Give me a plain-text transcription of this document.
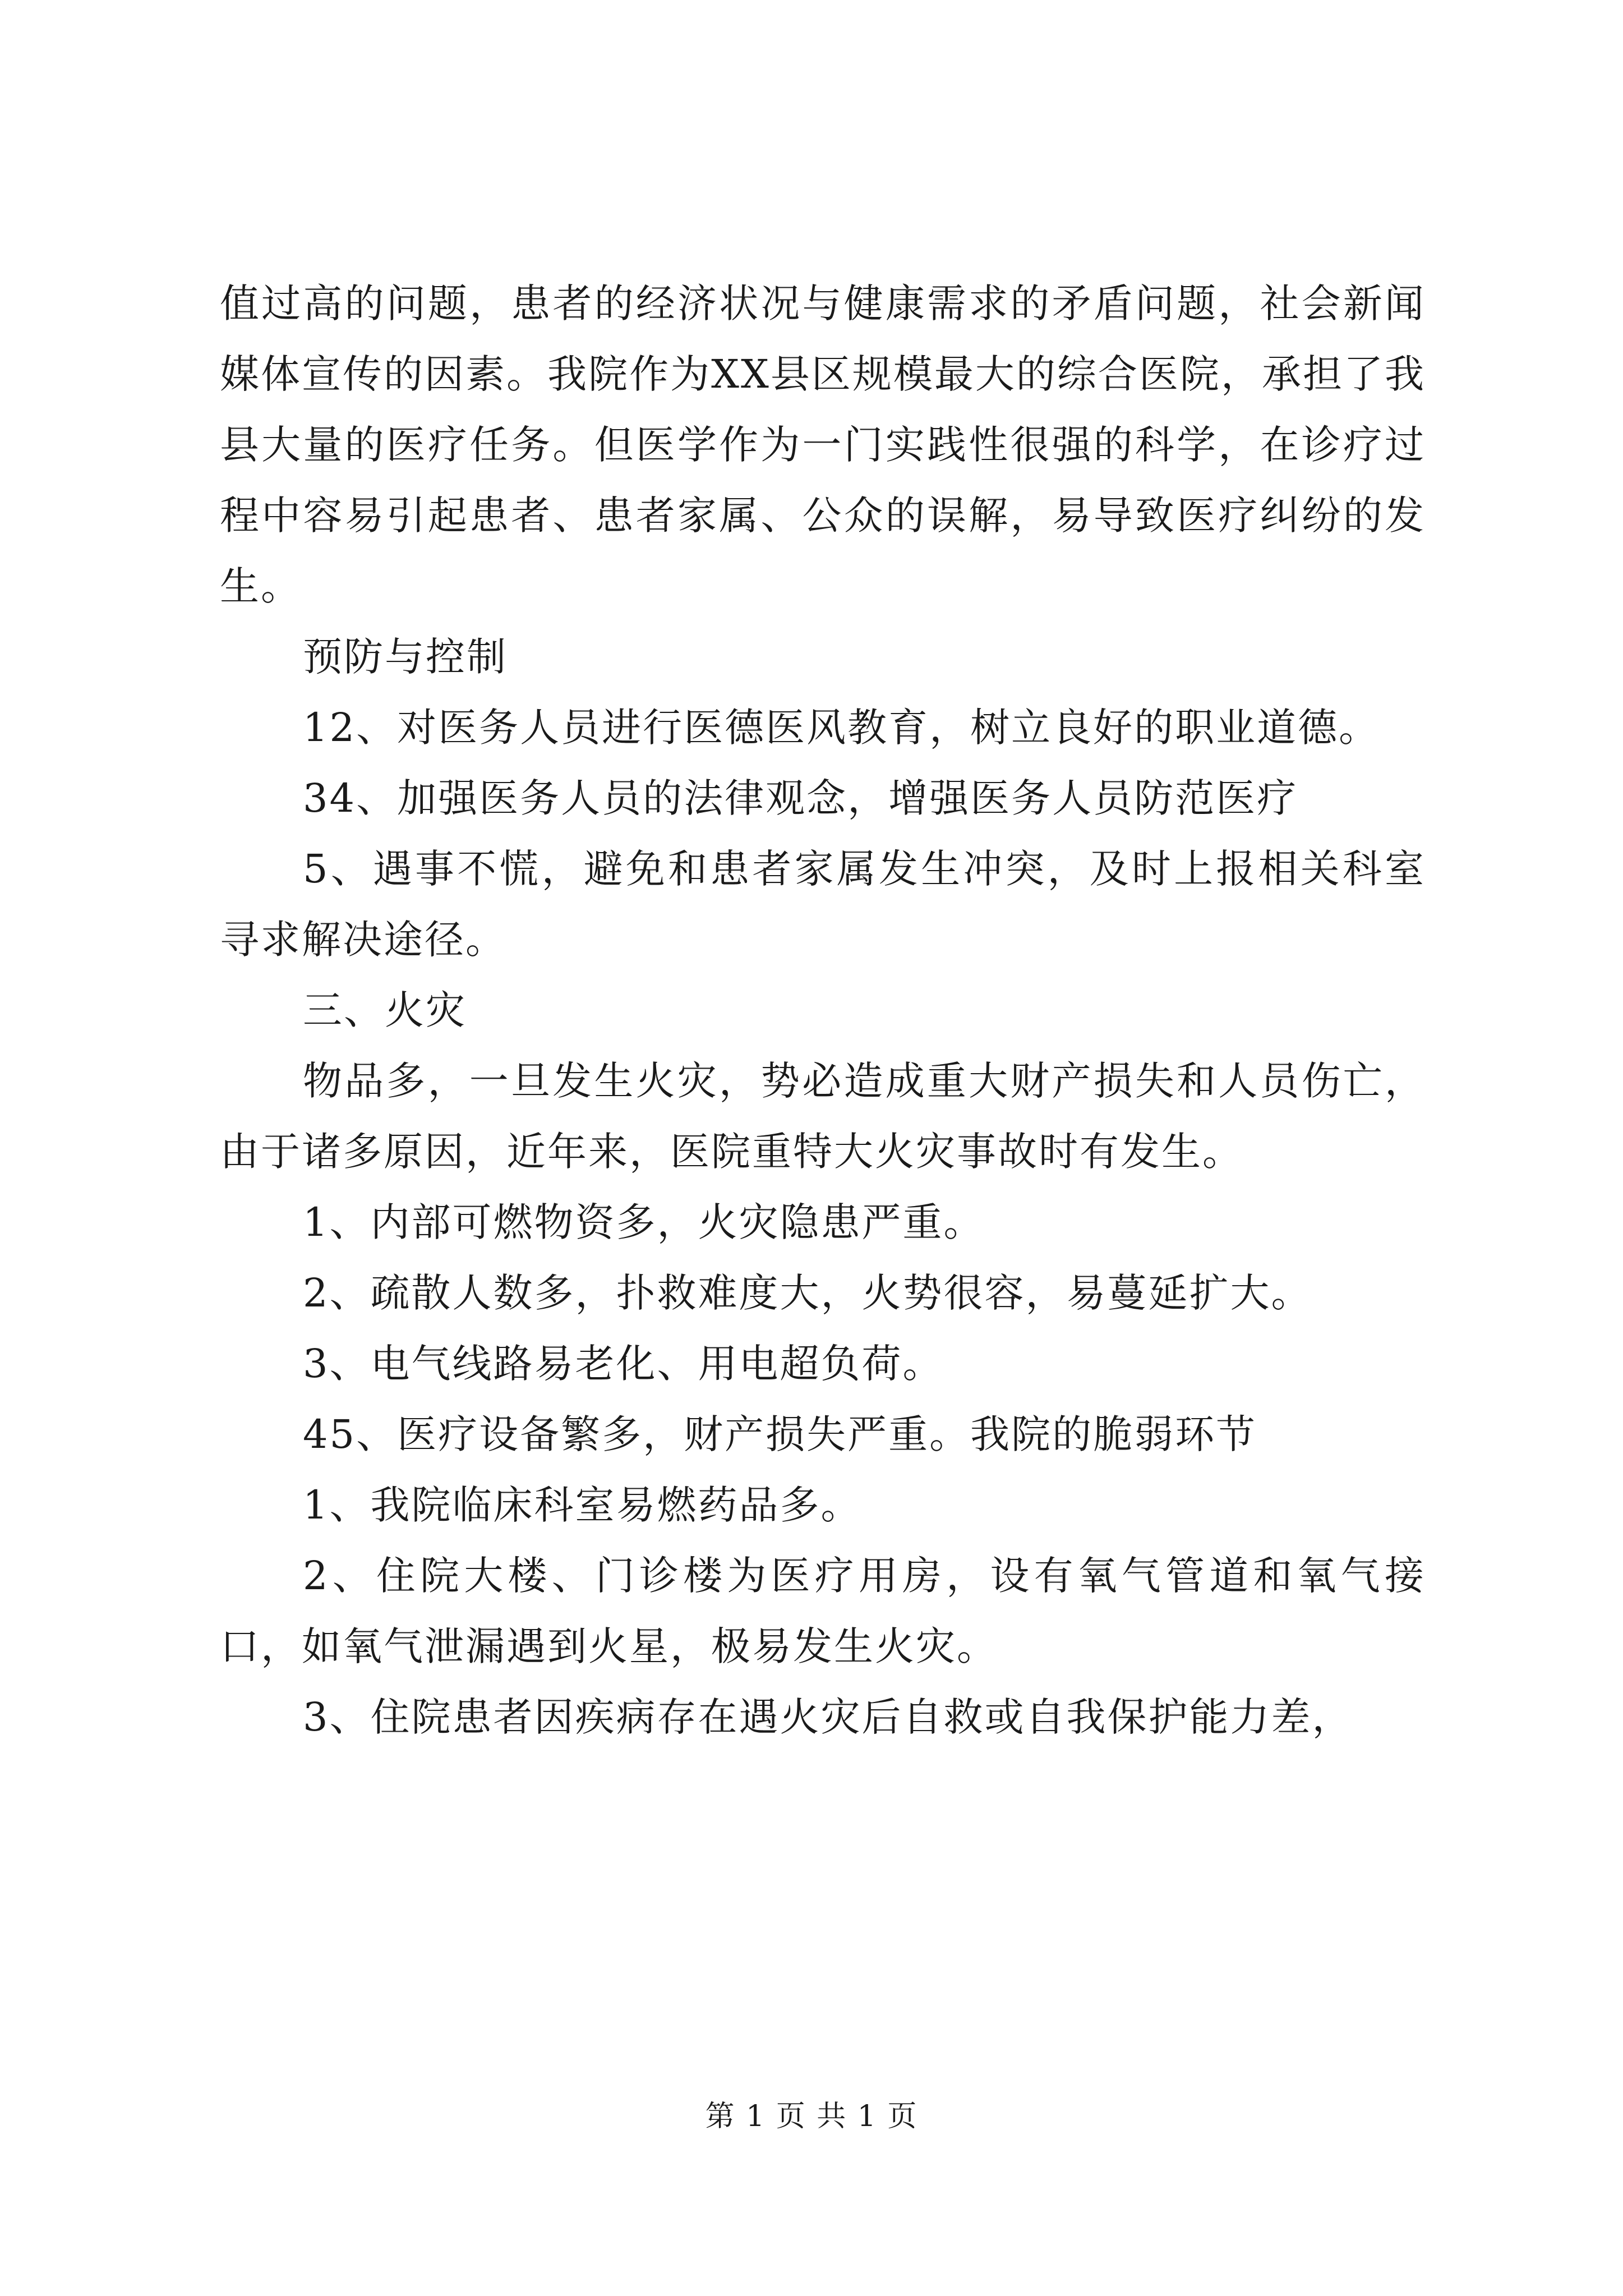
值过高的问题，患者的经济状况与健康需求的矛盾问题，社会新闻媒体宣传的因素。我院作为XX县区规模最大的综合医院，承担了我县大量的医疗任务。但医学作为一门实践性很强的科学，在诊疗过程中容易引起患者、患者家属、公众的误解，易导致医疗纠纷的发生。

预防与控制

12、对医务人员进行医德医风教育，树立良好的职业道德。

34、加强医务人员的法律观念，增强医务人员防范医疗

5、遇事不慌，避免和患者家属发生冲突，及时上报相关科室寻求解决途径。

三、火灾

物品多，一旦发生火灾，势必造成重大财产损失和人员伤亡，由于诸多原因，近年来，医院重特大火灾事故时有发生。

1、内部可燃物资多，火灾隐患严重。

2、疏散人数多，扑救难度大，火势很容，易蔓延扩大。

3、电气线路易老化、用电超负荷。

45、医疗设备繁多，财产损失严重。我院的脆弱环节

1、我院临床科室易燃药品多。

2、住院大楼、门诊楼为医疗用房，设有氧气管道和氧气接口，如氧气泄漏遇到火星，极易发生火灾。

3、住院患者因疾病存在遇火灾后自救或自我保护能力差，

第 1 页 共 1 页
